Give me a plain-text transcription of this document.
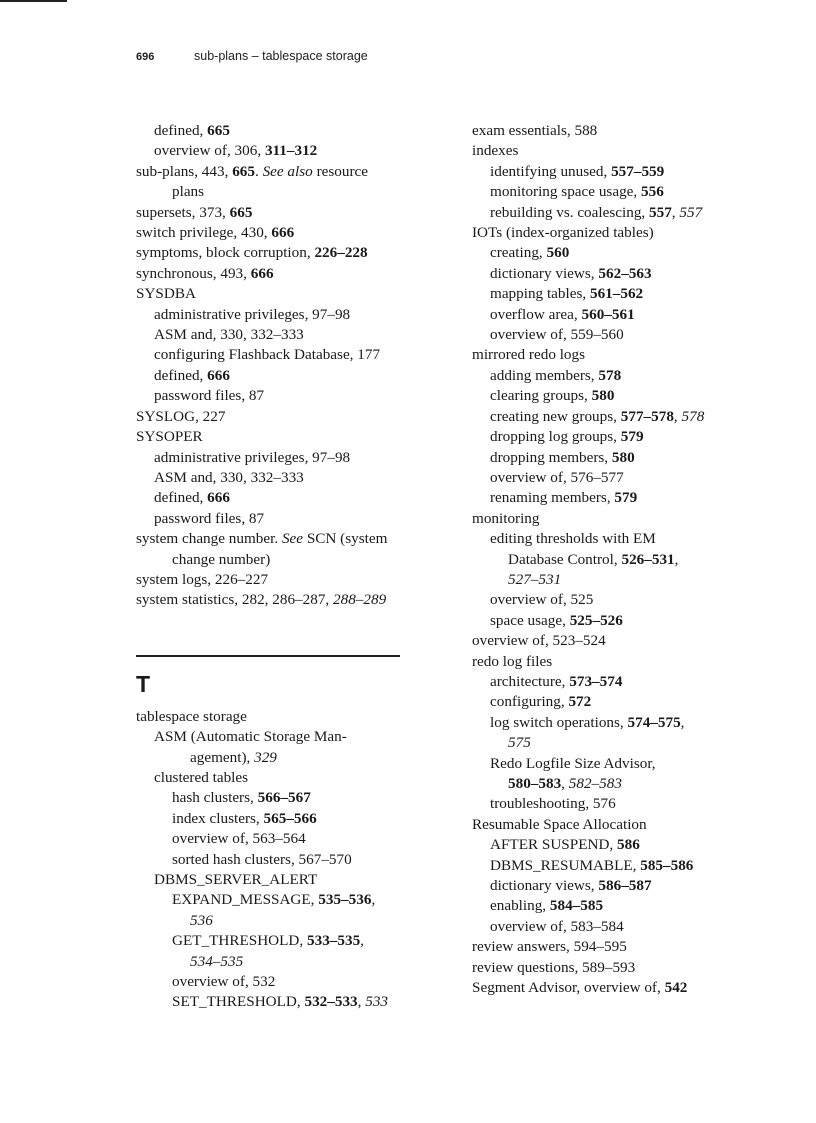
696	sub-plans – tablespace storage
defined, 665
overview of, 306, 311–312
sub-plans, 443, 665. See also resource
plans
supersets, 373, 665
switch privilege, 430, 666
symptoms, block corruption, 226–228
synchronous, 493, 666
SYSDBA
administrative privileges, 97–98
ASM and, 330, 332–333
configuring Flashback Database, 177
defined, 666
password files, 87
SYSLOG, 227
SYSOPER
administrative privileges, 97–98
ASM and, 330, 332–333
defined, 666
password files, 87
system change number. See SCN (system
change number)
system logs, 226–227
system statistics, 282, 286–287, 288–289
T
tablespace storage
ASM (Automatic Storage Man-
agement), 329
clustered tables
hash clusters, 566–567
index clusters, 565–566
overview of, 563–564
sorted hash clusters, 567–570
DBMS_SERVER_ALERT
EXPAND_MESSAGE, 535–536,
536
GET_THRESHOLD, 533–535,
534–535
overview of, 532
SET_THRESHOLD, 532–533, 533
exam essentials, 588
indexes
identifying unused, 557–559
monitoring space usage, 556
rebuilding vs. coalescing, 557, 557
IOTs (index-organized tables)
creating, 560
dictionary views, 562–563
mapping tables, 561–562
overflow area, 560–561
overview of, 559–560
mirrored redo logs
adding members, 578
clearing groups, 580
creating new groups, 577–578, 578
dropping log groups, 579
dropping members, 580
overview of, 576–577
renaming members, 579
monitoring
editing thresholds with EM
Database Control, 526–531,
527–531
overview of, 525
space usage, 525–526
overview of, 523–524
redo log files
architecture, 573–574
configuring, 572
log switch operations, 574–575,
575
Redo Logfile Size Advisor,
580–583, 582–583
troubleshooting, 576
Resumable Space Allocation
AFTER SUSPEND, 586
DBMS_RESUMABLE, 585–586
dictionary views, 586–587
enabling, 584–585
overview of, 583–584
review answers, 594–595
review questions, 589–593
Segment Advisor, overview of, 542
